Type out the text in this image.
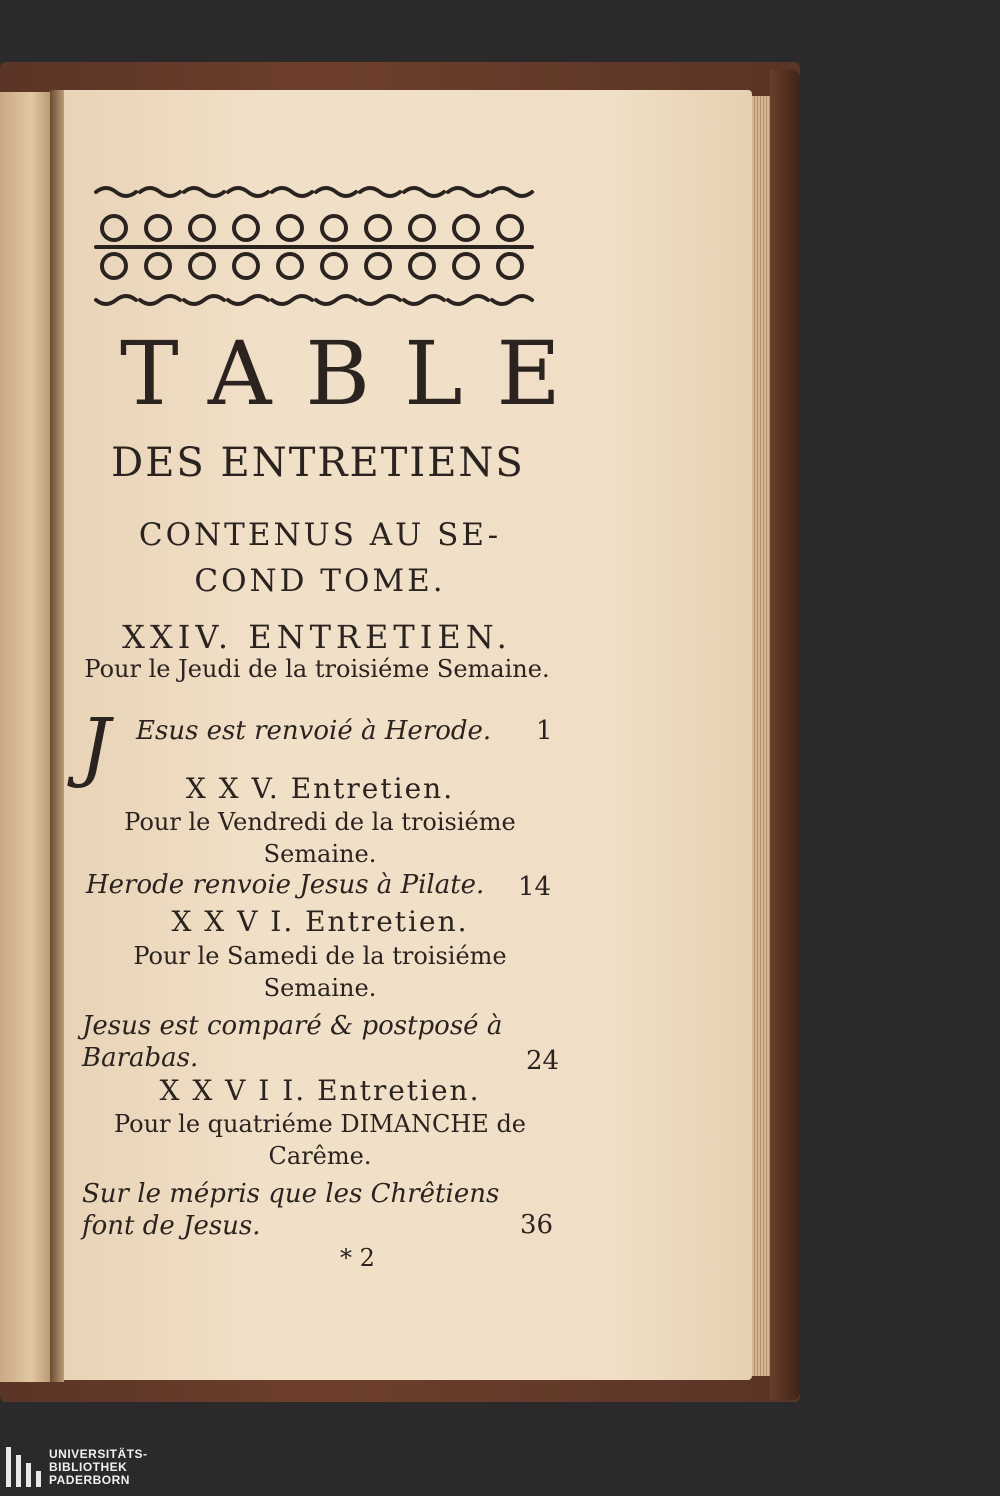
TABLE
DES ENTRETIENS
CONTENUS AU SE- COND TOME.
XXIV. ENTRETIEN.
Pour le Jeudi de la troisiéme Semaine.
J Esus est renvoié à Herode. 1
X X V. Entretien.
Pour le Vendredi de la troisiéme Semaine.
Herode renvoie Jesus à Pilate. 14
X X V I. Entretien.
Pour le Samedi de la troisiéme Semaine.
Jesus est comparé & postposé à Barabas.	24
X X V I I. Entretien.
Pour le quatriéme DIMANCHE de Carême.
Sur le mépris que les Chrêtiens font de Jesus.	36
* 2
UNIVERSITÄTS-
BIBLIOTHEK
PADERBORN
